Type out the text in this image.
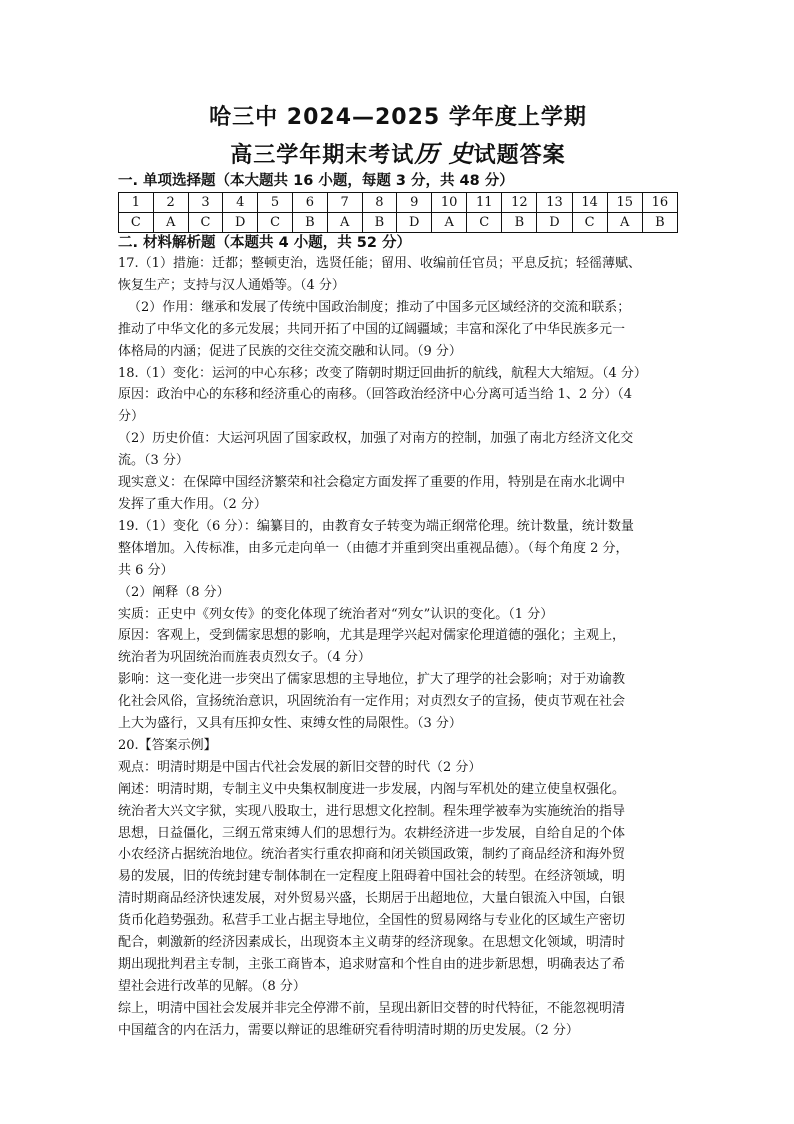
哈三中 2024—2025 学年度上学期
高三学年期末考试历 史试题答案
一. 单项选择题（本大题共 16 小题，每题 3 分，共 48 分）
1	2	3	4	5	6	7	8	9	10	11	12	13	14	15	16
C	A	C	D	C	B	A	B	D	A	C	B	D	C	A	B
二. 材料解析题（本题共 4 小题，共 52 分）

17.（1）措施：迁都；整顿吏治，选贤任能；留用、收编前任官员；平息反抗；轻徭薄赋、

恢复生产；支持与汉人通婚等。（4 分）

（2）作用：继承和发展了传统中国政治制度；推动了中国多元区域经济的交流和联系；

推动了中华文化的多元发展；共同开拓了中国的辽阔疆域；丰富和深化了中华民族多元一

体格局的内涵；促进了民族的交往交流交融和认同。（9 分）

18.（1）变化：运河的中心东移；改变了隋朝时期迂回曲折的航线，航程大大缩短。（4 分）

原因：政治中心的东移和经济重心的南移。（回答政治经济中心分离可适当给 1、2 分）（4

分）

（2）历史价值：大运河巩固了国家政权，加强了对南方的控制，加强了南北方经济文化交

流。（3 分）

现实意义：在保障中国经济繁荣和社会稳定方面发挥了重要的作用，特别是在南水北调中

发挥了重大作用。（2 分）

19.（1）变化（6 分）：编纂目的，由教育女子转变为端正纲常伦理。统计数量，统计数量

整体增加。入传标准，由多元走向单一（由德才并重到突出重视品德）。（每个角度 2 分，

共 6 分）

（2）阐释（8 分）

实质：正史中《列女传》的变化体现了统治者对“列女”认识的变化。（1 分）

原因：客观上，受到儒家思想的影响，尤其是理学兴起对儒家伦理道德的强化；主观上，

统治者为巩固统治而旌表贞烈女子。（4 分）

影响：这一变化进一步突出了儒家思想的主导地位，扩大了理学的社会影响；对于劝谕教

化社会风俗，宣扬统治意识，巩固统治有一定作用；对贞烈女子的宣扬，使贞节观在社会

上大为盛行，又具有压抑女性、束缚女性的局限性。（3 分）

20.【答案示例】

观点：明清时期是中国古代社会发展的新旧交替的时代（2 分）

阐述：明清时期，专制主义中央集权制度进一步发展，内阁与军机处的建立使皇权强化。

统治者大兴文字狱，实现八股取士，进行思想文化控制。程朱理学被奉为实施统治的指导

思想，日益僵化，三纲五常束缚人们的思想行为。农耕经济进一步发展，自给自足的个体

小农经济占据统治地位。统治者实行重农抑商和闭关锁国政策，制约了商品经济和海外贸

易的发展，旧的传统封建专制体制在一定程度上阻碍着中国社会的转型。在经济领域，明

清时期商品经济快速发展，对外贸易兴盛，长期居于出超地位，大量白银流入中国，白银

货币化趋势强劲。私营手工业占据主导地位，全国性的贸易网络与专业化的区域生产密切

配合，刺激新的经济因素成长，出现资本主义萌芽的经济现象。在思想文化领域，明清时

期出现批判君主专制，主张工商皆本，追求财富和个性自由的进步新思想，明确表达了希

望社会进行改革的见解。（8 分）

综上，明清中国社会发展并非完全停滞不前，呈现出新旧交替的时代特征，不能忽视明清

中国蕴含的内在活力，需要以辩证的思维研究看待明清时期的历史发展。（2 分）
